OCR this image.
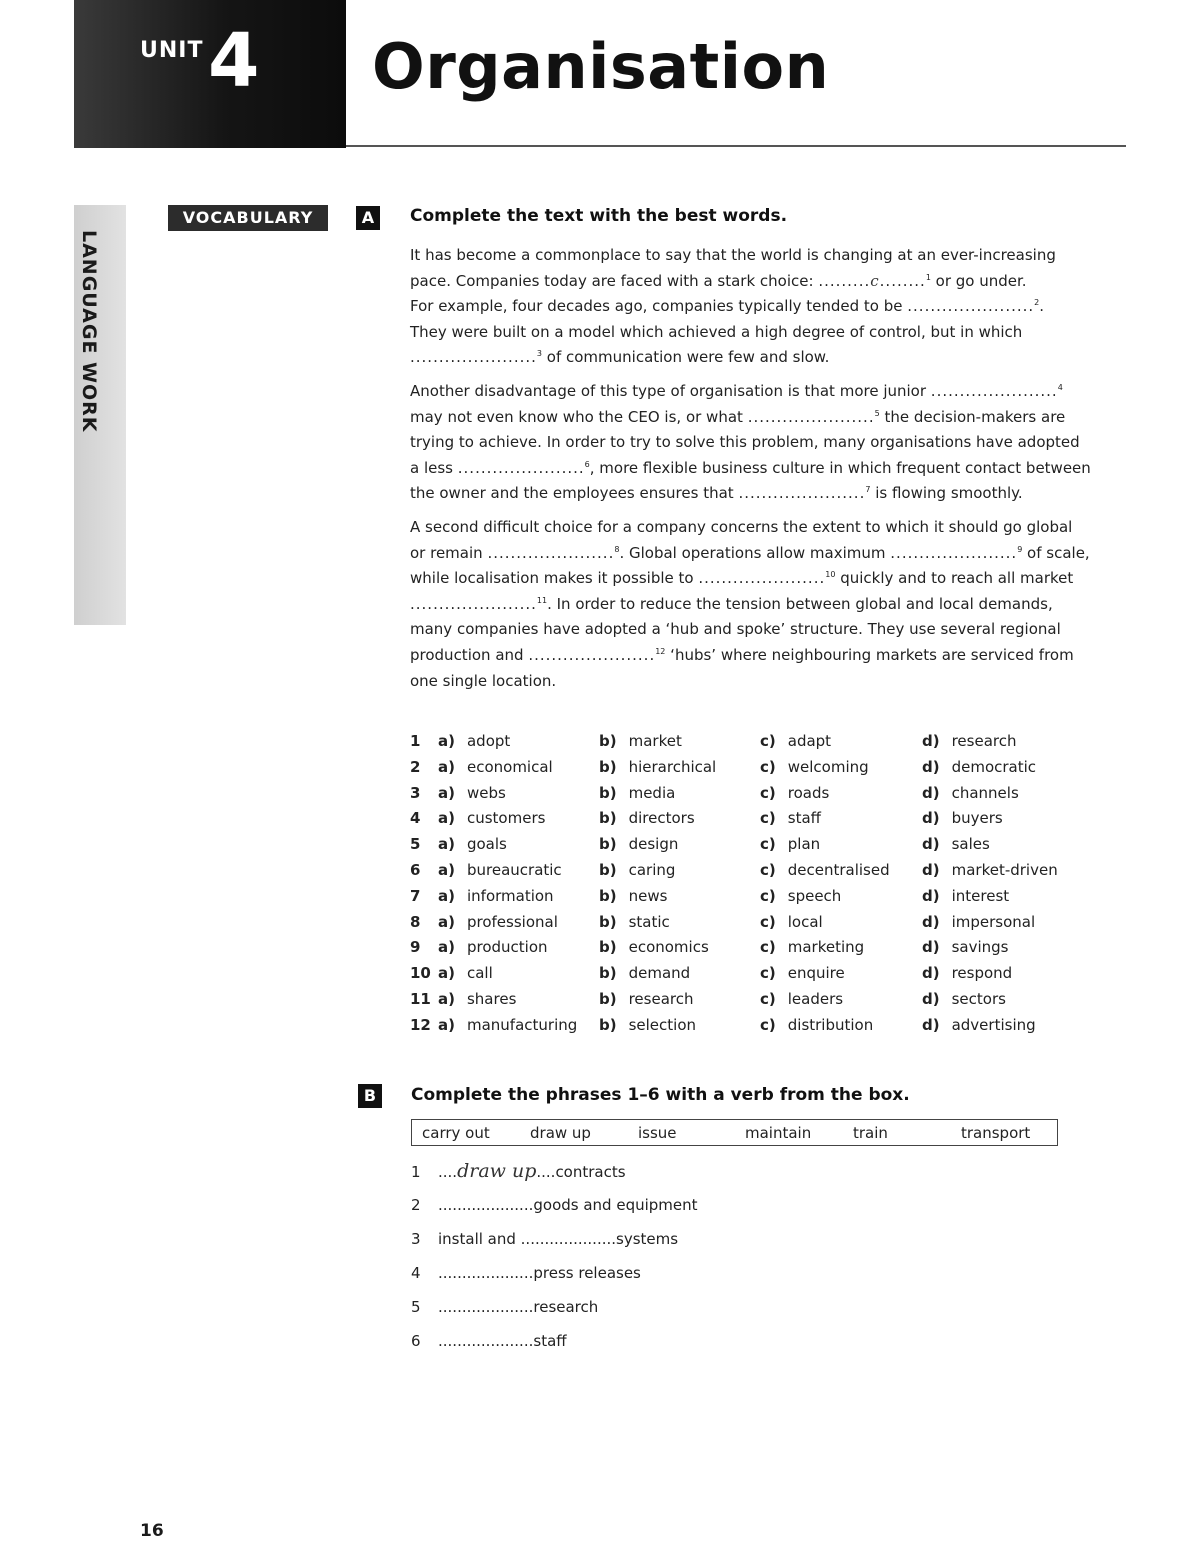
UNIT 4 Organisation
LANGUAGE WORK
VOCABULARY	A	Complete the text with the best words.

It has become a commonplace to say that the world is changing at an ever-increasing
pace. Companies today are faced with a stark choice: .........c........$^1$ or go under.
For example, four decades ago, companies typically tended to be ......................$^2$.
They were built on a model which achieved a high degree of control, but in which
......................$^3$ of communication were few and slow.

Another disadvantage of this type of organisation is that more junior ......................$^4$
may not even know who the CEO is, or what ......................$^5$ the decision-makers are
trying to achieve. In order to try to solve this problem, many organisations have adopted
a less ......................$^6$, more flexible business culture in which frequent contact between
the owner and the employees ensures that ......................$^7$ is flowing smoothly.

A second difficult choice for a company concerns the extent to which it should go global
or remain ......................$^8$. Global operations allow maximum ......................$^9$ of scale,
while localisation makes it possible to ......................$^{10}$ quickly and to reach all market
......................$^{11}$. In order to reduce the tension between global and local demands,
many companies have adopted a ‘hub and spoke’ structure. They use several regional
production and ......................$^{12}$ ‘hubs’ where neighbouring markets are serviced from
one single location.

1 a) adopt	b) market	c) adapt	d) research
2 a) economical	b) hierarchical	c) welcoming	d) democratic
3 a) webs	b) media	c) roads	d) channels
4 a) customers	b) directors	c) staff	d) buyers
5 a) goals	b) design	c) plan	d) sales
6 a) bureaucratic b) caring	c) decentralised d) market-driven
7 a) information	b) news	c) speech	d) interest
8 a) professional	b) static	c) local	d) impersonal
9 a) production	b) economics	c) marketing	d) savings
10 a) call	b) demand	c) enquire	d) respond
11 a) shares	b) research	c) leaders	d) sectors
12 a) manufacturing b) selection	c) distribution	d) advertising
B	Complete the phrases 1–6 with a verb from the box.
carry out	draw up	issue	maintain	train	transport
1 ....draw up....contracts
2 ....................goods and equipment
3 install and ....................systems
4 ....................press releases
5 ....................research
6 ....................staff
16
